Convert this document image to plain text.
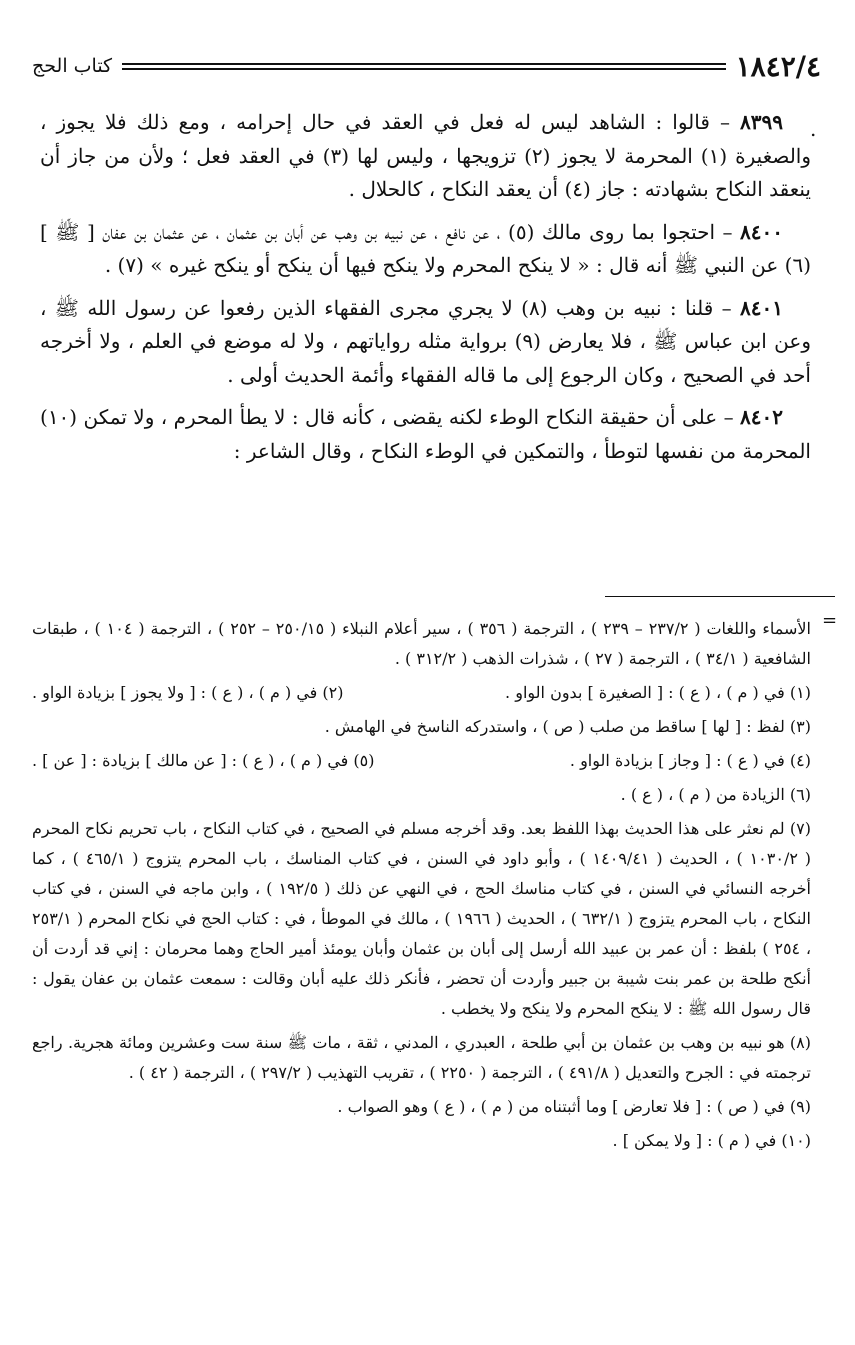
١٨٤٢/٤
كتاب الحج
.

٨٣٩٩ – قالوا : الشاهد ليس له فعل في العقد في حال إحرامه ، ومع ذلك فلا يجوز ، والصغيرة (١) المحرمة لا يجوز (٢) تزويجها ، وليس لها (٣) في العقد فعل ؛ ولأن من جاز أن ينعقد النكاح بشهادته : جاز (٤) أن يعقد النكاح ، كالحلال .

٨٤٠٠ – احتجوا بما روى مالك (٥) ، عن نافع ، عن نبيه بن وهب عن أبان بن عثمان ، عن عثمان بن عفان [ ﷺ ] (٦) عن النبي ﷺ أنه قال : « لا ينكح المحرم ولا ينكح فيها أن ينكح أو ينكح غيره » (٧) .

٨٤٠١ – قلنا : نبيه بن وهب (٨) لا يجري مجرى الفقهاء الذين رفعوا عن رسول الله ﷺ ، وعن ابن عباس ﷺ ، فلا يعارض (٩) برواية مثله رواياتهم ، ولا له موضع في العلم ، ولا أخرجه أحد في الصحيح ، وكان الرجوع إلى ما قاله الفقهاء وأئمة الحديث أولى .

٨٤٠٢ – على أن حقيقة النكاح الوطء لكنه يقضى ، كأنه قال : لا يطأ المحرم ، ولا تمكن (١٠) المحرمة من نفسها لتوطأ ، والتمكين في الوطء النكاح ، وقال الشاعر :

=

الأسماء واللغات ( ٢٣٧/٢ – ٢٣٩ ) ، الترجمة ( ٣٥٦ ) ، سير أعلام النبلاء ( ٢٥٠/١٥ – ٢٥٢ ) ، الترجمة ( ١٠٤ ) ، طبقات الشافعية ( ٣٤/١ ) ، الترجمة ( ٢٧ ) ، شذرات الذهب ( ٣١٢/٢ ) .

(١) في ( م ) ، ( ع ) : [ الصغيرة ] بدون الواو .
(٢) في ( م ) ، ( ع ) : [ ولا يجوز ] بزيادة الواو .

(٣) لفظ : [ لها ] ساقط من صلب ( ص ) ، واستدركه الناسخ في الهامش .

(٤) في ( ع ) : [ وجاز ] بزيادة الواو .
(٥) في ( م ) ، ( ع ) : [ عن مالك ] بزيادة : [ عن ] .

(٦) الزيادة من ( م ) ، ( ع ) .

(٧) لم نعثر على هذا الحديث بهذا اللفظ بعد. وقد أخرجه مسلم في الصحيح ، في كتاب النكاح ، باب تحريم نكاح المحرم ( ١٠٣٠/٢ ) ، الحديث ( ١٤٠٩/٤١ ) ، وأبو داود في السنن ، في كتاب المناسك ، باب المحرم يتزوج ( ٤٦٥/١ ) ، كما أخرجه النسائي في السنن ، في كتاب مناسك الحج ، في النهي عن ذلك ( ١٩٢/٥ ) ، وابن ماجه في السنن ، في كتاب النكاح ، باب المحرم يتزوج ( ٦٣٢/١ ) ، الحديث ( ١٩٦٦ ) ، مالك في الموطأ ، في : كتاب الحج في نكاح المحرم ( ٢٥٣/١ ، ٢٥٤ ) بلفظ : أن عمر بن عبيد الله أرسل إلى أبان بن عثمان وأبان يومئذ أمير الحاج وهما محرمان : إني قد أردت أن أنكح طلحة بن عمر بنت شيبة بن جبير وأردت أن تحضر ، فأنكر ذلك عليه أبان وقالت : سمعت عثمان بن عفان يقول : قال رسول الله ﷺ : لا ينكح المحرم ولا ينكح ولا يخطب .

(٨) هو نبيه بن وهب بن عثمان بن أبي طلحة ، العبدري ، المدني ، ثقة ، مات ﷺ سنة ست وعشرين ومائة هجرية. راجع ترجمته في : الجرح والتعديل ( ٤٩١/٨ ) ، الترجمة ( ٢٢٥٠ ) ، تقريب التهذيب ( ٢٩٧/٢ ) ، الترجمة ( ٤٢ ) .

(٩) في ( ص ) : [ فلا تعارض ] وما أثبتناه من ( م ) ، ( ع ) وهو الصواب .

(١٠) في ( م ) : [ ولا يمكن ] .
